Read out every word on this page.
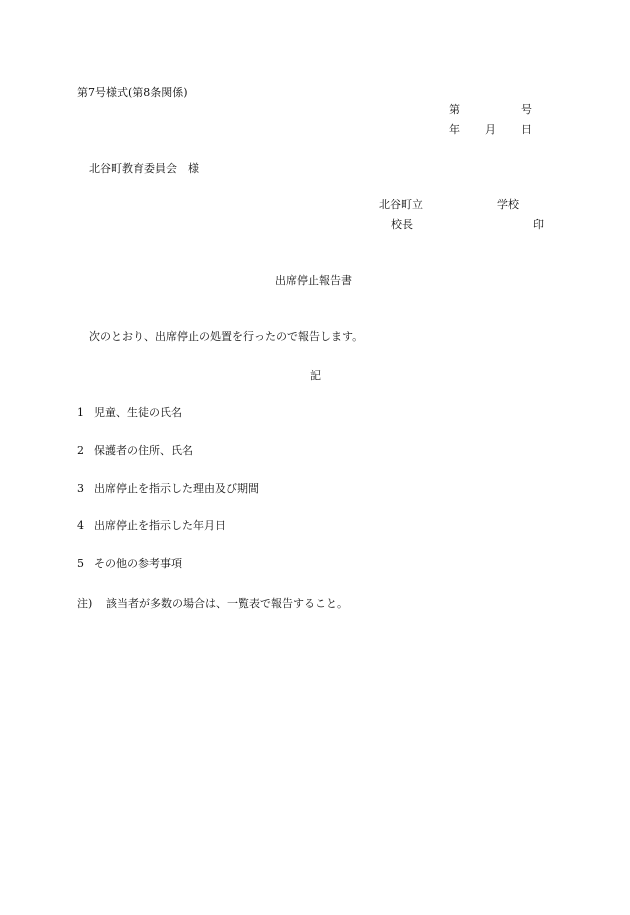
第7号様式(第8条関係)
第	号
年 月 日
北谷町教育委員会　様
北谷町立	学校
校長	印
出席停止報告書
次のとおり、出席停止の処置を行ったので報告します。
記
1 児童、生徒の氏名
2 保護者の住所、氏名
3 出席停止を指示した理由及び期間
4 出席停止を指示した年月日
5 その他の参考事項
注) 該当者が多数の場合は、一覧表で報告すること。
